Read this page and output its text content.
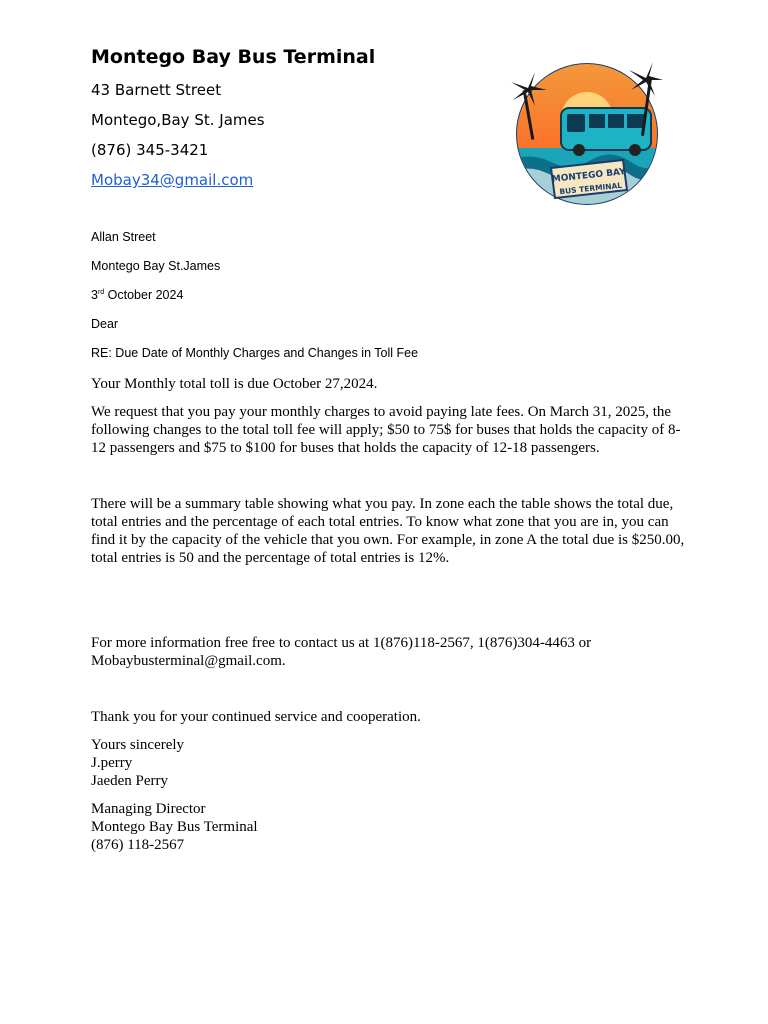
Montego Bay Bus Terminal

43 Barnett Street

Montego,Bay St. James

(876) 345-3421

Mobay34@gmail.com	MONTEGO BAY
BUS TERMINAL

Allan Street

Montego Bay St.James

3rd October 2024

Dear

RE: Due Date of Monthly Charges and Changes in Toll Fee

Your Monthly total toll is due October 27,2024.

We request that you pay your monthly charges to avoid paying late fees. On March 31, 2025, the following changes to the total toll fee will apply; $50 to 75$ for buses that holds the capacity of 8-12 passengers and $75 to $100 for buses that holds the capacity of 12-18 passengers.

There will be a summary table showing what you pay. In zone each the table shows the total due, total entries and the percentage of each total entries. To know what zone that you are in, you can find it by the capacity of the vehicle that you own. For example, in zone A the total due is $250.00, total entries is 50 and the percentage of total entries is 12%.

For more information free free to contact us at 1(876)118-2567, 1(876)304-4463 or Mobaybusterminal@gmail.com.

Thank you for your continued service and cooperation.

Yours sincerely

J.perry

Jaeden Perry

Managing Director

Montego Bay Bus Terminal

(876) 118-2567
